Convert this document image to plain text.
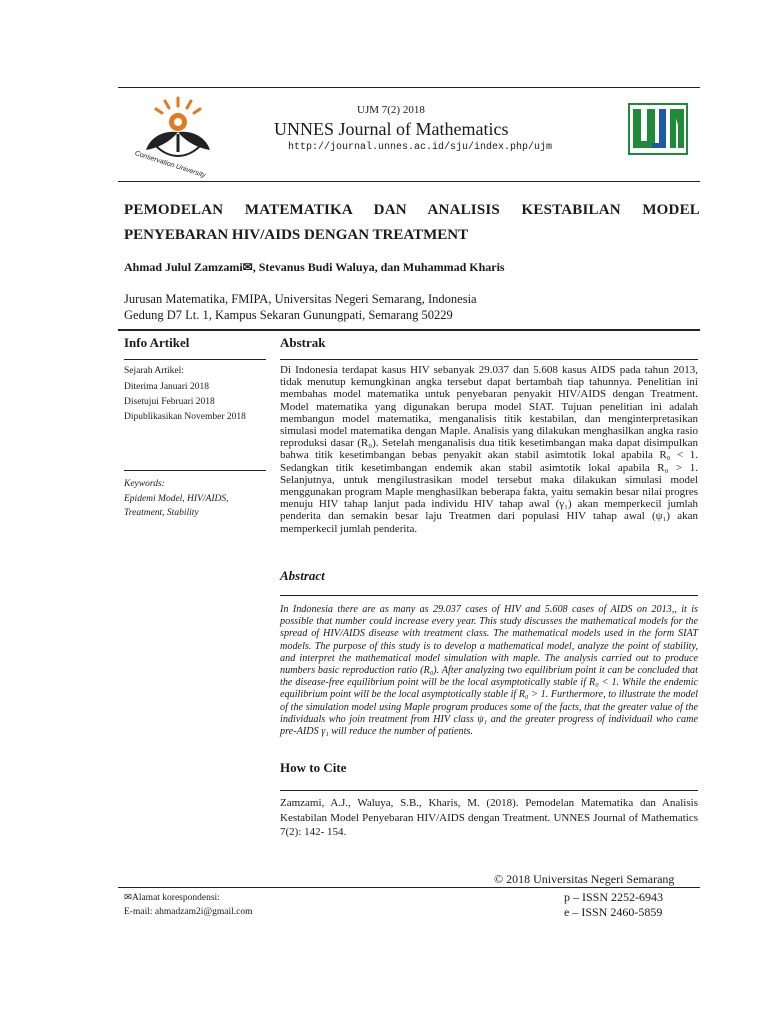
Conservation University
UJM 7(2) 2018
UNNES Journal of Mathematics
http://journal.unnes.ac.id/sju/index.php/ujm
PEMODELAN MATEMATIKA DAN ANALISIS KESTABILAN MODEL
PENYEBARAN HIV/AIDS DENGAN TREATMENT
Ahmad Julul Zamzami✉, Stevanus Budi Waluya, dan Muhammad Kharis
Jurusan Matematika, FMIPA, Universitas Negeri Semarang, Indonesia
Gedung D7 Lt. 1, Kampus Sekaran Gunungpati, Semarang 50229
Info Artikel
Sejarah Artikel:
Diterima Januari 2018
Disetujui Februari 2018
Dipublikasikan November 2018
Keywords:
Epidemi Model, HIV/AIDS,
Treatment, Stability
Abstrak
Di Indonesia terdapat kasus HIV sebanyak 29.037 dan 5.608 kasus AIDS pada tahun 2013, tidak menutup kemungkinan angka tersebut dapat bertambah tiap tahunnya. Penelitian ini membahas model matematika untuk penyebaran penyakit HIV/AIDS dengan Treatment. Model matematika yang digunakan berupa model SIAT. Tujuan penelitian ini adalah membangun model matematika, menganalisis titik kestabilan, dan menginterpretasikan simulasi model matematika dengan Maple. Analisis yang dilakukan menghasilkan angka rasio reproduksi dasar (R₀). Setelah menganalisis dua titik kesetimbangan maka dapat disimpulkan bahwa titik kesetimbangan bebas penyakit akan stabil asimtotik lokal apabila R₀ < 1. Sedangkan titik kesetimbangan endemik akan stabil asimtotik lokal apabila R₀ > 1. Selanjutnya, untuk mengilustrasikan model tersebut maka dilakukan simulasi model menggunakan program Maple menghasilkan beberapa fakta, yaitu semakin besar nilai progres menuju HIV tahap lanjut pada individu HIV tahap awal (γ₁) akan memperkecil jumlah penderita dan semakin besar laju Treatmen dari populasi HIV tahap awal (ψ₁) akan memperkecil jumlah penderita.
Abstract
In Indonesia there are as many as 29.037 cases of HIV and 5.608 cases of AIDS on 2013,, it is possible that number could increase every year. This study discusses the mathematical models for the spread of HIV/AIDS disease with treatment class. The mathematical models used in the form SIAT models. The purpose of this study is to develop a mathematical model, analyze the point of stability, and interpret the mathematical model simulation with maple. The analysis carried out to produce numbers basic reproduction ratio (R₀). After analyzing two equilibrium point it can be concluded that the disease-free equilibrium point will be the local asymptotically stable if R₀ < 1. While the endemic equilibrium point will be the local asymptotically stable if R₀ > 1. Furthermore, to illustrate the model of the simulation model using Maple program produces some of the facts, that the greater value of the individuals who join treatment from HIV class ψ₁ and the greater progress of individuail who came pre-AIDS γ₁ will reduce the number of patients.
How to Cite
Zamzami, A.J., Waluya, S.B., Kharis, M. (2018). Pemodelan Matematika dan Analisis Kestabilan Model Penyebaran HIV/AIDS dengan Treatment. UNNES Journal of Mathematics 7(2): 142- 154.
© 2018 Universitas Negeri Semarang
✉Alamat korespondensi:
E-mail: ahmadzam2i@gmail.com
p – ISSN 2252-6943
e – ISSN 2460-5859
